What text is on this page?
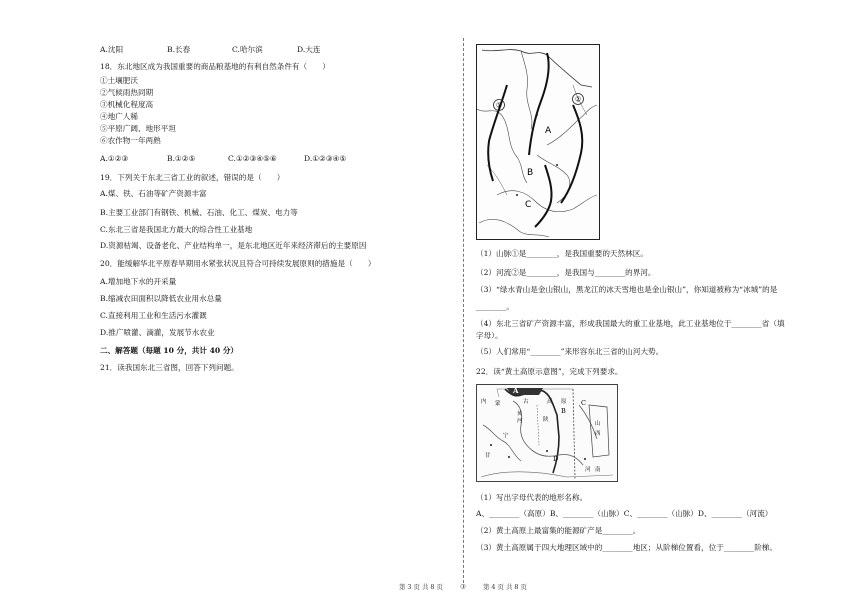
A.沈阳	B.长春	C.哈尔滨	D.大连
18．东北地区成为我国重要的商品粮基地的有利自然条件有（　　）
①土壤肥沃
②气候雨热同期
③机械化程度高
④地广人稀
⑤平原广阔、地形平坦
⑥农作物一年两熟
A.①②③	B.①②⑤	C.①②③④⑤⑥	D.①②③④⑤
19．下列关于东北三省工业的叙述，错误的是（　　）
A.煤、铁、石油等矿产资源丰富
B.主要工业部门有钢铁、机械、石油、化工、煤炭、电力等
C.东北三省是我国北方最大的综合性工业基地
D.资源枯竭、设备老化、产业结构单一，是东北地区近年来经济滞后的主要原因
20．能缓解华北平原春旱期用水紧张状况且符合可持续发展原则的措施是（　　）
A.增加地下水的开采量
B.缩减农田面积以降低农业用水总量
C.直接利用工业和生活污水灌溉
D.推广喷灌、滴灌，发展节水农业
二、解答题（每题 10 分，共计 40 分）
21．读我国东北三省图，回答下列问题。
①
②
A
B
C
（1）山脉①是________，是我国重要的天然林区。
（2）河流②是________，是我国与________的界河。
（3）“绿水青山是金山银山，黑龙江的冰天雪地也是金山银山”，你知道被称为“冰城”的是
________。
（4）东北三省矿产资源丰富，形成我国最大的重工业基地，此工业基地位于________省（填
字母）。
（5）人们常用“________”来形容东北三省的山河大势。
22．读“黄土高原示意图”，完成下列要求。
内 蒙	古	高 原
A
B
C
D
黄
河	陕
山
西
甘
宁
河 南
（1）写出字母代表的地形名称。
A、________（高原）B、________（山脉）C、________（山脉）D、________（河流）
（2）黄土高原上最富集的能源矿产是________。
（3）黄土高原属于四大地理区域中的________地区；从阶梯位置看，位于________阶梯。
第 3 页 共 8 页	○	第 4 页 共 8 页
